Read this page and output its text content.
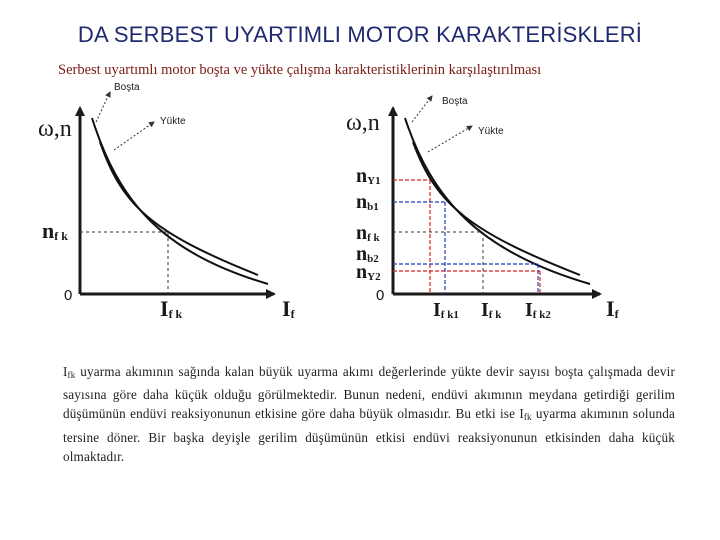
DA SERBEST UYARTIMLI MOTOR KARAKTERİSKLERİ
Serbest uyartımlı motor boşta ve yükte çalışma karakteristiklerinin karşılaştırılması
Boşta
Yükte
ω,n
0
nf k
If k	If
Boşta
Yükte
ω,n
0
nY1
nb1
nf k
nb2
nY2
If k1 If k If k2	If
$I_{fk}$ uyarma akımının sağında kalan büyük uyarma akımı değerlerinde yükte devir sayısı boşta çalışmada devir sayısına göre daha küçük olduğu görülmektedir. Bunun nedeni, endüvi akımının meydana getirdiği gerilim düşümünün endüvi reaksiyonunun etkisine göre daha büyük olmasıdır. Bu etki ise $I_{fk}$ uyarma akımının solunda tersine döner. Bir başka deyişle gerilim düşümünün etkisi endüvi reaksiyonunun etkisinden daha küçük olmaktadır.
